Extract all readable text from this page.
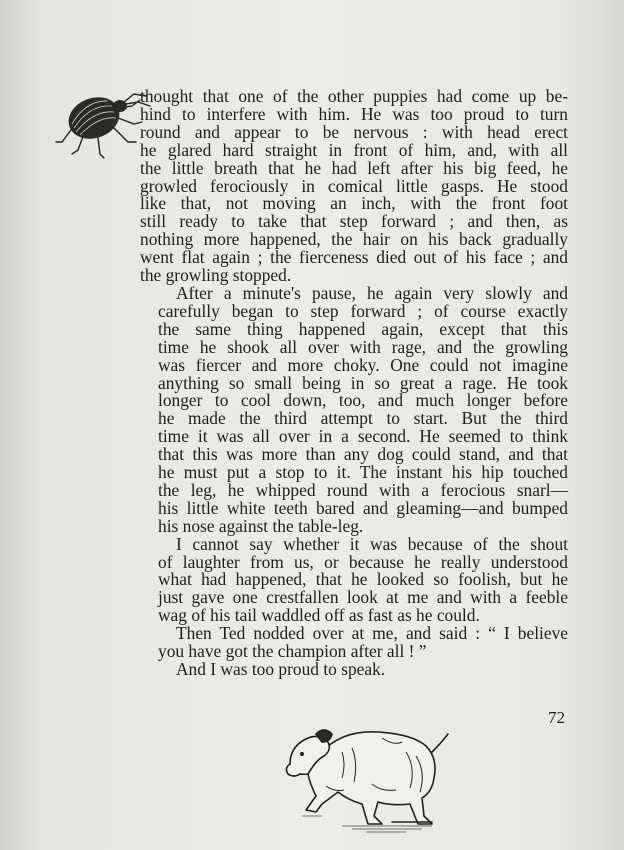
thought that one of the other puppies had come up be-
hind to interfere with him. He was too proud to turn
round and appear to be nervous : with head erect
he glared hard straight in front of him, and, with all
the little breath that he had left after his big feed, he
growled ferociously in comical little gasps. He stood
like that, not moving an inch, with the front foot
still ready to take that step forward ; and then, as
nothing more happened, the hair on his back gradually
went flat again ; the fierceness died out of his face ; and
the growling stopped.

After a minute's pause, he again very slowly and
carefully began to step forward ; of course exactly
the same thing happened again, except that this
time he shook all over with rage, and the growling
was fiercer and more choky. One could not imagine
anything so small being in so great a rage. He took
longer to cool down, too, and much longer before
he made the third attempt to start. But the third
time it was all over in a second. He seemed to think
that this was more than any dog could stand, and that
he must put a stop to it. The instant his hip touched
the leg, he whipped round with a ferocious snarl—
his little white teeth bared and gleaming—and bumped
his nose against the table-leg.

I cannot say whether it was because of the shout
of laughter from us, or because he really understood
what had happened, that he looked so foolish, but he
just gave one crestfallen look at me and with a feeble
wag of his tail waddled off as fast as he could.

Then Ted nodded over at me, and said : “ I believe
you have got the champion after all ! ”

And I was too proud to speak.

72
